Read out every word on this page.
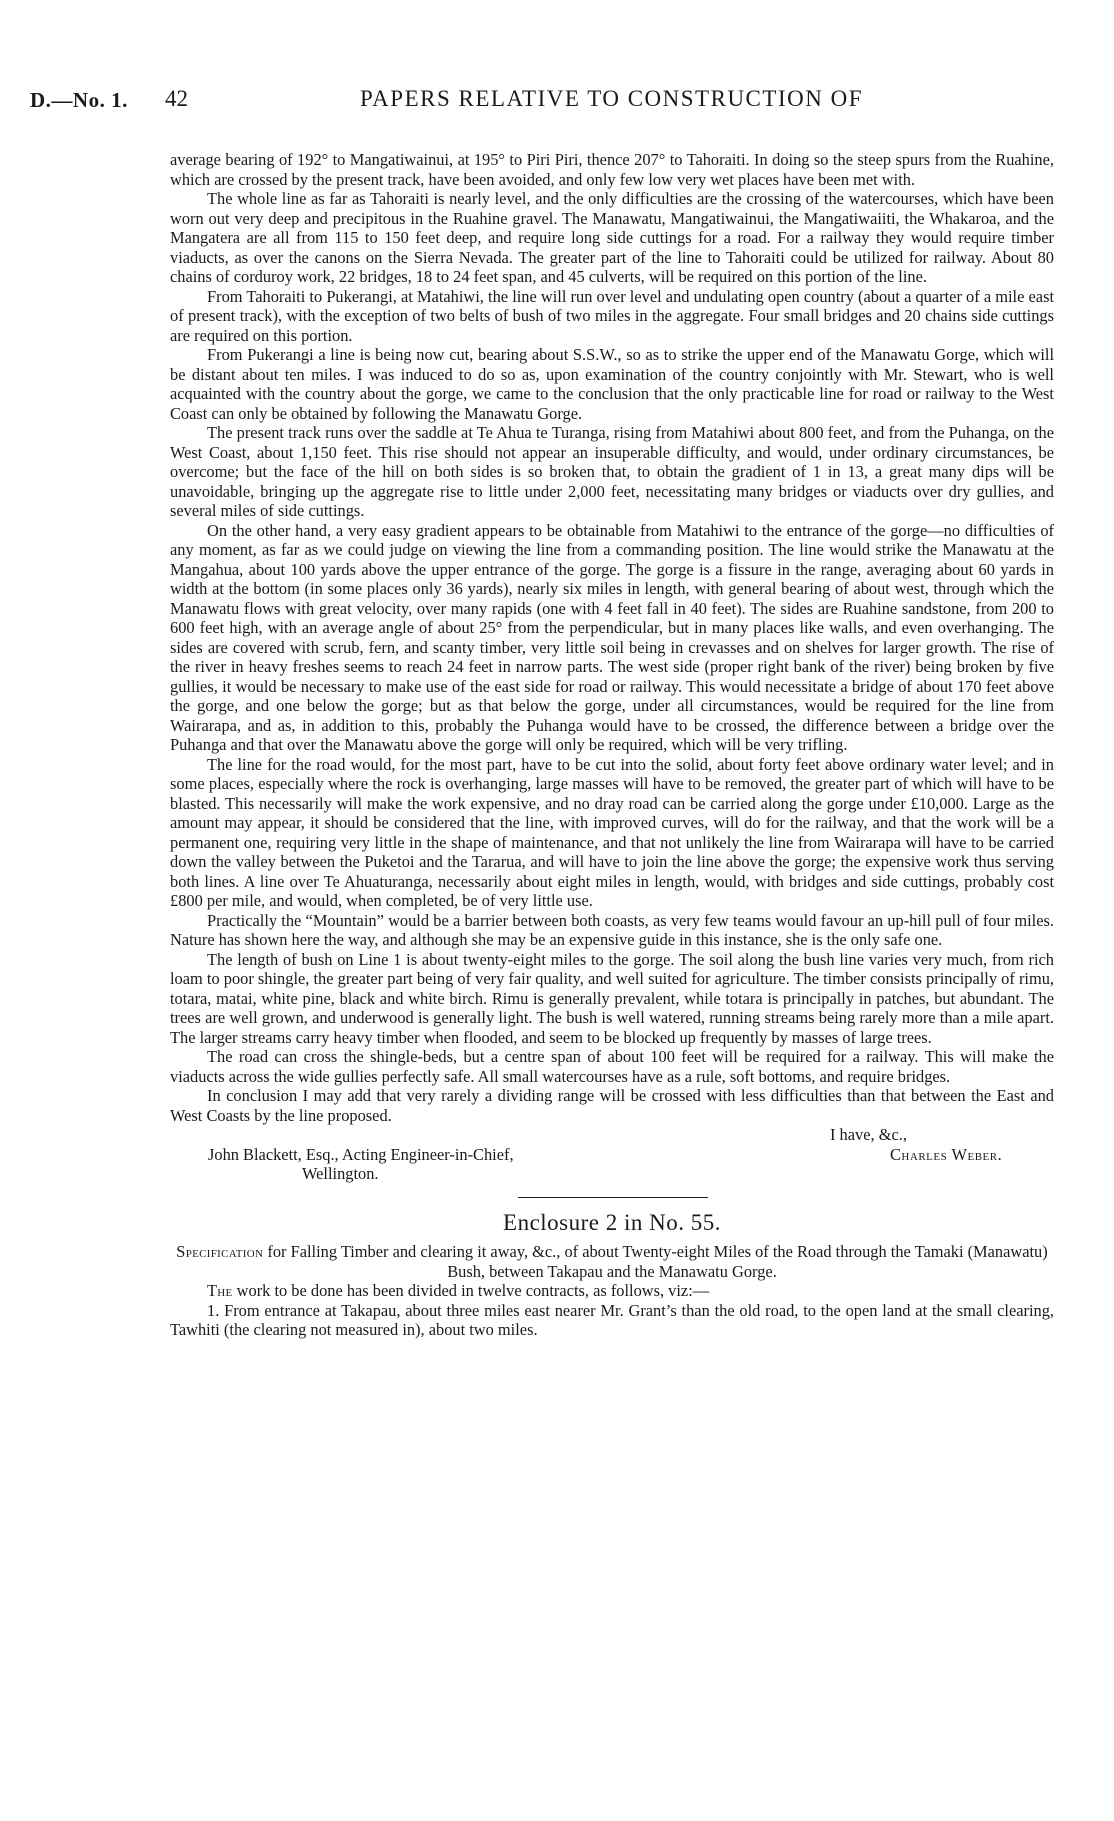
D.—No. 1. 42	PAPERS RELATIVE TO CONSTRUCTION OF

average bearing of 192° to Mangatiwainui, at 195° to Piri Piri, thence 207° to Tahoraiti. In doing so the steep spurs from the Ruahine, which are crossed by the present track, have been avoided, and only few low very wet places have been met with.

The whole line as far as Tahoraiti is nearly level, and the only difficulties are the crossing of the watercourses, which have been worn out very deep and precipitous in the Ruahine gravel. The Manawatu, Mangatiwainui, the Mangatiwaiiti, the Whakaroa, and the Mangatera are all from 115 to 150 feet deep, and require long side cuttings for a road. For a railway they would require timber viaducts, as over the canons on the Sierra Nevada. The greater part of the line to Tahoraiti could be utilized for railway. About 80 chains of corduroy work, 22 bridges, 18 to 24 feet span, and 45 culverts, will be required on this portion of the line.

From Tahoraiti to Pukerangi, at Matahiwi, the line will run over level and undulating open country (about a quarter of a mile east of present track), with the exception of two belts of bush of two miles in the aggregate. Four small bridges and 20 chains side cuttings are required on this portion.

From Pukerangi a line is being now cut, bearing about S.S.W., so as to strike the upper end of the Manawatu Gorge, which will be distant about ten miles. I was induced to do so as, upon examination of the country conjointly with Mr. Stewart, who is well acquainted with the country about the gorge, we came to the conclusion that the only practicable line for road or railway to the West Coast can only be obtained by following the Manawatu Gorge.

The present track runs over the saddle at Te Ahua te Turanga, rising from Matahiwi about 800 feet, and from the Puhanga, on the West Coast, about 1,150 feet. This rise should not appear an insuperable difficulty, and would, under ordinary circumstances, be overcome; but the face of the hill on both sides is so broken that, to obtain the gradient of 1 in 13, a great many dips will be unavoidable, bringing up the aggregate rise to little under 2,000 feet, necessitating many bridges or viaducts over dry gullies, and several miles of side cuttings.

On the other hand, a very easy gradient appears to be obtainable from Matahiwi to the entrance of the gorge—no difficulties of any moment, as far as we could judge on viewing the line from a commanding position. The line would strike the Manawatu at the Mangahua, about 100 yards above the upper entrance of the gorge. The gorge is a fissure in the range, averaging about 60 yards in width at the bottom (in some places only 36 yards), nearly six miles in length, with general bearing of about west, through which the Manawatu flows with great velocity, over many rapids (one with 4 feet fall in 40 feet). The sides are Ruahine sandstone, from 200 to 600 feet high, with an average angle of about 25° from the perpendicular, but in many places like walls, and even overhanging. The sides are covered with scrub, fern, and scanty timber, very little soil being in crevasses and on shelves for larger growth. The rise of the river in heavy freshes seems to reach 24 feet in narrow parts. The west side (proper right bank of the river) being broken by five gullies, it would be necessary to make use of the east side for road or railway. This would necessitate a bridge of about 170 feet above the gorge, and one below the gorge; but as that below the gorge, under all circumstances, would be required for the line from Wairarapa, and as, in addition to this, probably the Puhanga would have to be crossed, the difference between a bridge over the Puhanga and that over the Manawatu above the gorge will only be required, which will be very trifling.

The line for the road would, for the most part, have to be cut into the solid, about forty feet above ordinary water level; and in some places, especially where the rock is overhanging, large masses will have to be removed, the greater part of which will have to be blasted. This necessarily will make the work expensive, and no dray road can be carried along the gorge under £10,000. Large as the amount may appear, it should be considered that the line, with improved curves, will do for the railway, and that the work will be a permanent one, requiring very little in the shape of maintenance, and that not unlikely the line from Wairarapa will have to be carried down the valley between the Puketoi and the Tararua, and will have to join the line above the gorge; the expensive work thus serving both lines. A line over Te Ahuaturanga, necessarily about eight miles in length, would, with bridges and side cuttings, probably cost £800 per mile, and would, when completed, be of very little use.

Practically the “Mountain” would be a barrier between both coasts, as very few teams would favour an up-hill pull of four miles. Nature has shown here the way, and although she may be an expensive guide in this instance, she is the only safe one.

The length of bush on Line 1 is about twenty-eight miles to the gorge. The soil along the bush line varies very much, from rich loam to poor shingle, the greater part being of very fair quality, and well suited for agriculture. The timber consists principally of rimu, totara, matai, white pine, black and white birch. Rimu is generally prevalent, while totara is principally in patches, but abundant. The trees are well grown, and underwood is generally light. The bush is well watered, running streams being rarely more than a mile apart. The larger streams carry heavy timber when flooded, and seem to be blocked up frequently by masses of large trees.

The road can cross the shingle-beds, but a centre span of about 100 feet will be required for a railway. This will make the viaducts across the wide gullies perfectly safe. All small watercourses have as a rule, soft bottoms, and require bridges.

In conclusion I may add that very rarely a dividing range will be crossed with less difficulties than that between the East and West Coasts by the line proposed.

I have, &c.,
John Blackett, Esq., Acting Engineer-in-Chief,
Wellington.
Charles Weber.
Enclosure 2 in No. 55.
Specification for Falling Timber and clearing it away, &c., of about Twenty-eight Miles of the Road through the Tamaki (Manawatu) Bush, between Takapau and the Manawatu Gorge.

The work to be done has been divided in twelve contracts, as follows, viz:—

1. From entrance at Takapau, about three miles east nearer Mr. Grant’s than the old road, to the open land at the small clearing, Tawhiti (the clearing not measured in), about two miles.
